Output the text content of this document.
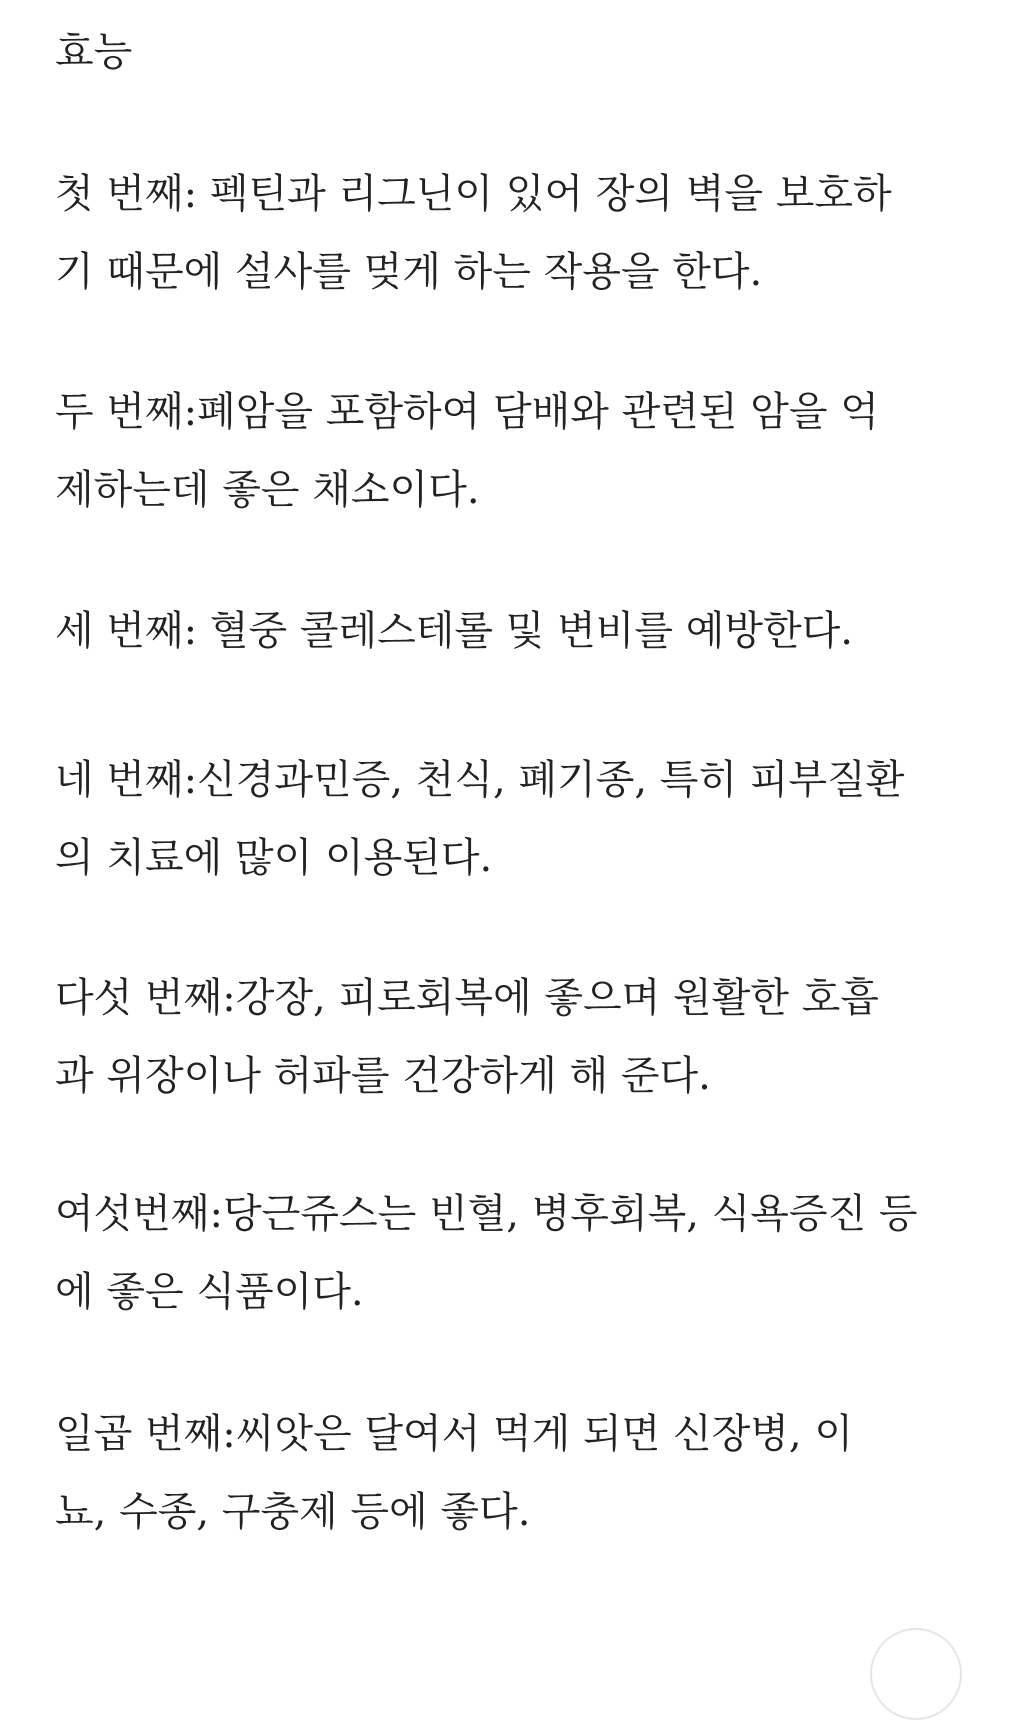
효능

첫 번째: 펙틴과 리그닌이 있어 장의 벽을 보호하
기 때문에 설사를 멎게 하는 작용을 한다.

두 번째:폐암을 포함하여 담배와 관련된 암을 억
제하는데 좋은 채소이다.

세 번째: 혈중 콜레스테롤 및 변비를 예방한다.

네 번째:신경과민증, 천식, 폐기종, 특히 피부질환
의 치료에 많이 이용된다.

다섯 번째:강장, 피로회복에 좋으며 원활한 호흡
과 위장이나 허파를 건강하게 해 준다.

여섯번째:당근쥬스는 빈혈, 병후회복, 식욕증진 등
에 좋은 식품이다.

일곱 번째:씨앗은 달여서 먹게 되면 신장병, 이
뇨, 수종, 구충제 등에 좋다.
